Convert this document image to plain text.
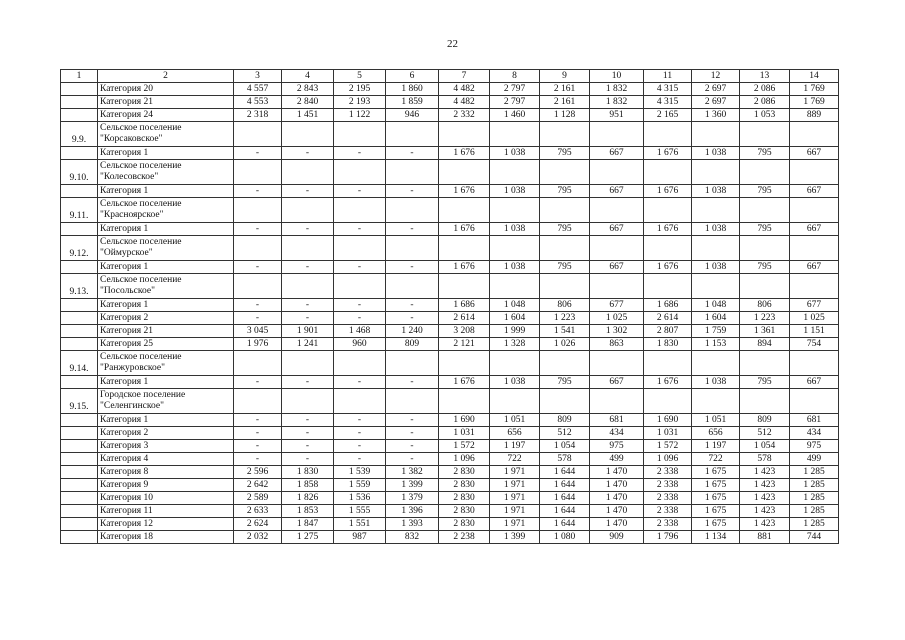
22
1	2	3	4	5	6	7	8	9	10	11	12	13	14
	Категория 20	4 557	2 843	2 195	1 860	4 482	2 797	2 161	1 832	4 315	2 697	2 086	1 769
	Категория 21	4 553	2 840	2 193	1 859	4 482	2 797	2 161	1 832	4 315	2 697	2 086	1 769
	Категория 24	2 318	1 451	1 122	946	2 332	1 460	1 128	951	2 165	1 360	1 053	889
9.9.	Сельское поселение
"Корсаковское"												

	Категория 1	-	-	-	-	1 676	1 038	795	667	1 676	1 038	795	667
9.10.	Сельское поселение
"Колесовское"												

	Категория 1	-	-	-	-	1 676	1 038	795	667	1 676	1 038	795	667
9.11.	Сельское поселение
"Красноярское"												

	Категория 1	-	-	-	-	1 676	1 038	795	667	1 676	1 038	795	667
9.12.	Сельское поселение
"Оймурское"												

	Категория 1	-	-	-	-	1 676	1 038	795	667	1 676	1 038	795	667
9.13.	Сельское поселение
"Посольское"												

	Категория 1	-	-	-	-	1 686	1 048	806	677	1 686	1 048	806	677
	Категория 2	-	-	-	-	2 614	1 604	1 223	1 025	2 614	1 604	1 223	1 025
	Категория 21	3 045	1 901	1 468	1 240	3 208	1 999	1 541	1 302	2 807	1 759	1 361	1 151
	Категория 25	1 976	1 241	960	809	2 121	1 328	1 026	863	1 830	1 153	894	754
9.14.	Сельское поселение
"Ранжуровское"												

	Категория 1	-	-	-	-	1 676	1 038	795	667	1 676	1 038	795	667
9.15.	Городское поселение
"Селенгинское"												

	Категория 1	-	-	-	-	1 690	1 051	809	681	1 690	1 051	809	681
	Категория 2	-	-	-	-	1 031	656	512	434	1 031	656	512	434
	Категория 3	-	-	-	-	1 572	1 197	1 054	975	1 572	1 197	1 054	975
	Категория 4	-	-	-	-	1 096	722	578	499	1 096	722	578	499
	Категория 8	2 596	1 830	1 539	1 382	2 830	1 971	1 644	1 470	2 338	1 675	1 423	1 285
	Категория 9	2 642	1 858	1 559	1 399	2 830	1 971	1 644	1 470	2 338	1 675	1 423	1 285
	Категория 10	2 589	1 826	1 536	1 379	2 830	1 971	1 644	1 470	2 338	1 675	1 423	1 285
	Категория 11	2 633	1 853	1 555	1 396	2 830	1 971	1 644	1 470	2 338	1 675	1 423	1 285
	Категория 12	2 624	1 847	1 551	1 393	2 830	1 971	1 644	1 470	2 338	1 675	1 423	1 285
	Категория 18	2 032	1 275	987	832	2 238	1 399	1 080	909	1 796	1 134	881	744
